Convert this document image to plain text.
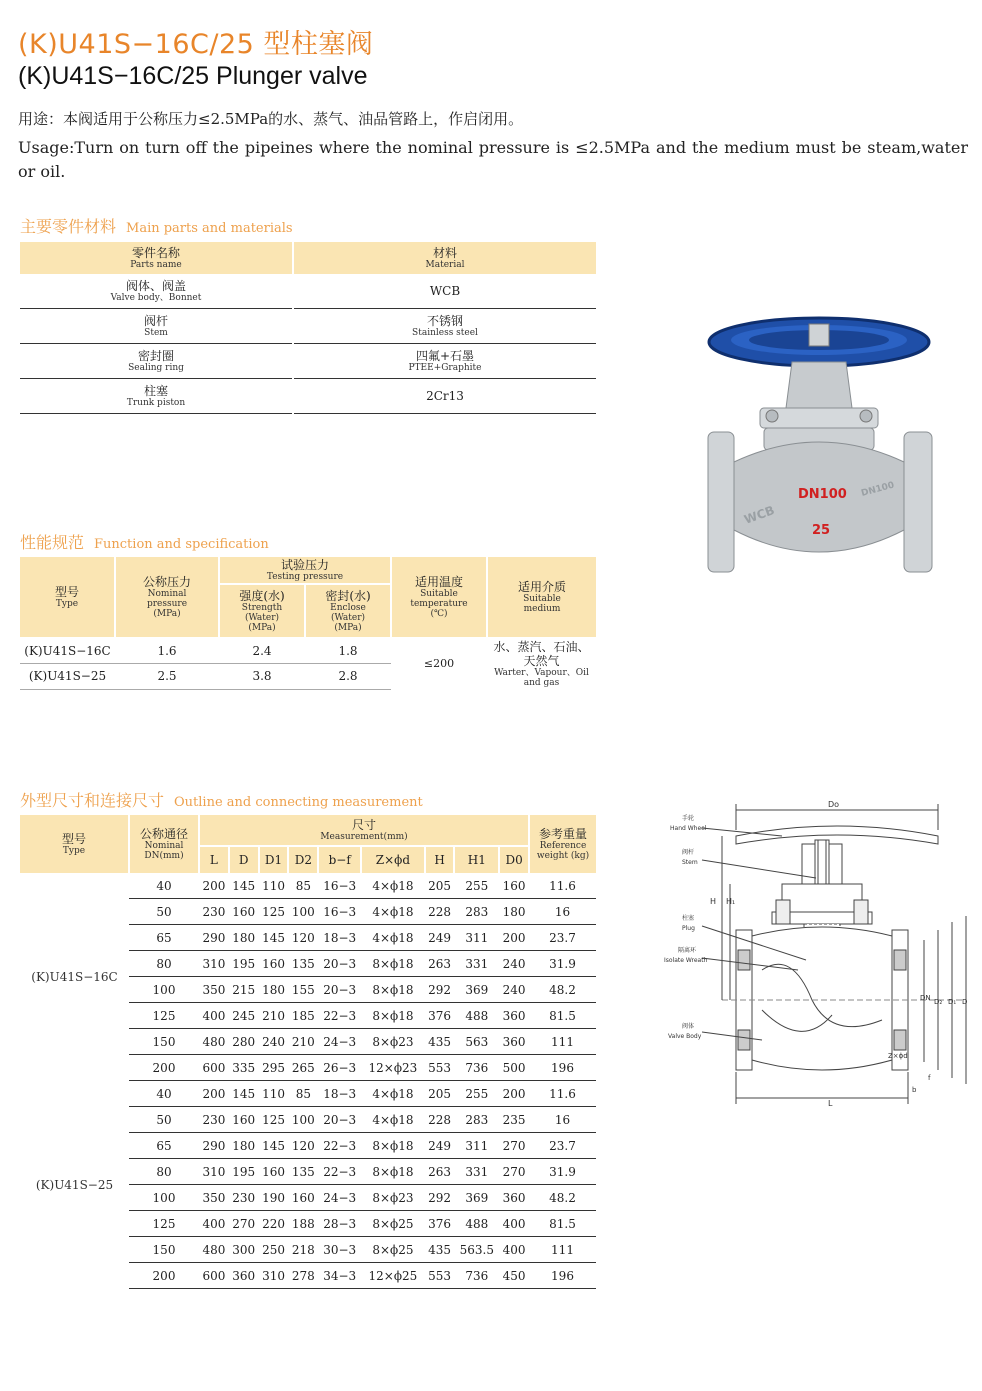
(K)U41S−16C/25 型柱塞阀
(K)U41S−16C/25 Plunger valve
用途：本阀适用于公称压力≤2.5MPa的水、蒸气、油品管路上，作启闭用。
Usage:Turn on turn off the pipeines where the nominal pressure is ≤2.5MPa and the medium must be steam,water or oil.
主要零件材料 Main parts and materials
零件名称
Parts name	材料
Material

阀体、阀盖
Valve body、Bonnet	WCB

阀杆
Stem	不锈钢
Stainless steel

密封圈
Sealing ring	四氟+石墨
PTEE+Graphite

柱塞
Trunk piston	2Cr13
DN100
25
WCB
DN100
性能规范 Function and specification
型号
Type	公称压力
Nominal
pressure
(MPa)	试验压力
Testing pressure		适用温度
Suitable
temperature
(℃)	适用介质
Suitable
medium

		强度(水)
Strength
(Water)
(MPa)	密封(水)
Enclose
(Water)
(MPa)		

(K)U41S−16C	1.6	2.4	1.8	≤200	水、蒸汽、石油、
天然气
Warter、Vapour、Oil and gas

(K)U41S−25	2.5	3.8	2.8		
外型尺寸和连接尺寸 Outline and connecting measurement
型号
Type	公称通径
Nominal
DN(mm)	尺寸
Measurement(mm)									参考重量
Reference
weight (kg)

		L	D	D1	D2	b−f	Z×ϕd	H	H1	D0	
(K)U41S−16C	40	200	145	110	85	16−3	4×ϕ18	205	255	160	11.6
	50	230	160	125	100	16−3	4×ϕ18	228	283	180	16
	65	290	180	145	120	18−3	4×ϕ18	249	311	200	23.7
	80	310	195	160	135	20−3	8×ϕ18	263	331	240	31.9
	100	350	215	180	155	20−3	8×ϕ18	292	369	240	48.2
	125	400	245	210	185	22−3	8×ϕ18	376	488	360	81.5
	150	480	280	240	210	24−3	8×ϕ23	435	563	360	111
	200	600	335	295	265	26−3	12×ϕ23	553	736	500	196
(K)U41S−25	40	200	145	110	85	18−3	4×ϕ18	205	255	200	11.6
	50	230	160	125	100	20−3	4×ϕ18	228	283	235	16
	65	290	180	145	120	22−3	8×ϕ18	249	311	270	23.7
	80	310	195	160	135	22−3	8×ϕ18	263	331	270	31.9
	100	350	230	190	160	24−3	8×ϕ23	292	369	360	48.2
	125	400	270	220	188	28−3	8×ϕ25	376	488	400	81.5
	150	480	300	250	218	30−3	8×ϕ25	435	563.5	400	111
	200	600	360	310	278	34−3	12×ϕ25	553	736	450	196
Do
H H₁
DN D₂ D₁ D
Z×ϕd
b
f
L
手轮
Hand Wheel
阀杆
Stem
柱塞
Plug
隔离环
Isolate Wreath
阀体
Valve Body
